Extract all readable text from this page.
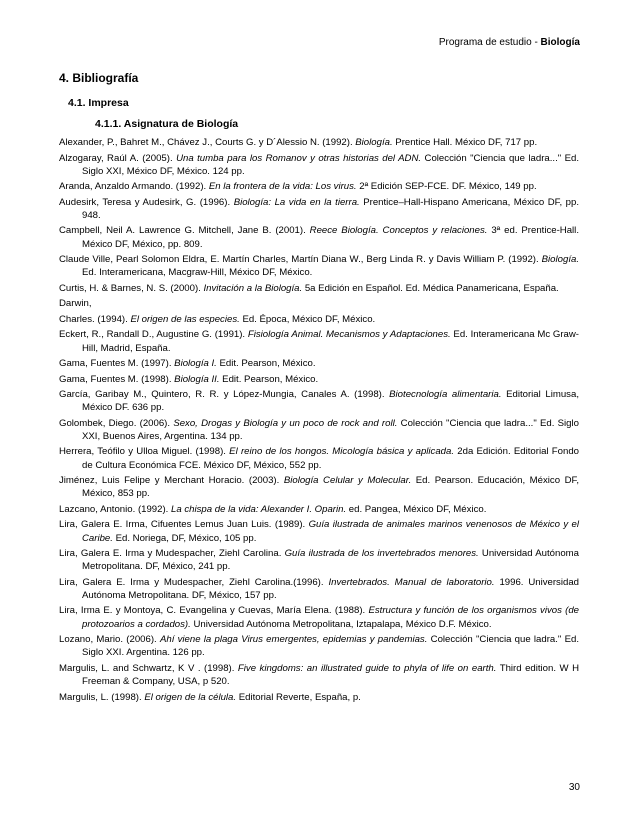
Programa de estudio - Biología
4. Bibliografía
4.1. Impresa
4.1.1. Asignatura de Biología

Alexander, P., Bahret M., Chávez J., Courts G. y D´Alessio N. (1992). Biología. Prentice Hall. México DF, 717 pp.

Alzogaray, Raúl A. (2005). Una tumba para los Romanov y otras historias del ADN. Colección "Ciencia que ladra..." Ed. Siglo XXI, México DF, México. 124 pp.

Aranda, Anzaldo Armando. (1992). En la frontera de la vida: Los virus. 2ª Edición SEP-FCE. DF. México, 149 pp.

Audesirk, Teresa y Audesirk, G. (1996). Biología: La vida en la tierra. Prentice–Hall-Hispano Americana, México DF, pp. 948.

Campbell, Neil A. Lawrence G. Mitchell, Jane B. (2001). Reece Biología. Conceptos y relaciones. 3ª ed. Prentice-Hall. México DF, México, pp. 809.

Claude Ville, Pearl Solomon Eldra, E. Martín Charles, Martín Diana W., Berg Linda R. y Davis William P. (1992). Biología. Ed. Interamericana, Macgraw-Hill, México DF, México.

Curtis, H. & Barnes, N. S. (2000). Invitación a la Biología. 5a Edición en Español. Ed. Médica Panamericana, España.

Darwin,

Charles. (1994). El origen de las especies. Ed. Época, México DF, México.

Eckert, R., Randall D., Augustine G. (1991). Fisiología Animal. Mecanismos y Adaptaciones. Ed. Interamericana Mc Graw-Hill, Madrid, España.

Gama, Fuentes M. (1997). Biología I. Edit. Pearson, México.

Gama, Fuentes M. (1998). Biología II. Edit. Pearson, México.

García, Garibay M., Quintero, R. R. y López-Mungia, Canales A. (1998). Biotecnología alimentaria. Editorial Limusa, México DF. 636 pp.

Golombek, Diego. (2006). Sexo, Drogas y Biología y un poco de rock and roll. Colección "Ciencia que ladra..." Ed. Siglo XXI, Buenos Aires, Argentina. 134 pp.

Herrera, Teófilo y Ulloa Miguel. (1998). El reino de los hongos. Micología básica y aplicada. 2da Edición. Editorial Fondo de Cultura Económica FCE. México DF, México, 552 pp.

Jiménez, Luis Felipe y Merchant Horacio. (2003). Biología Celular y Molecular. Ed. Pearson. Educación, México DF, México, 853 pp.

Lazcano, Antonio. (1992). La chispa de la vida: Alexander I. Oparin. ed. Pangea, México DF, México.

Lira, Galera E. Irma, Cifuentes Lemus Juan Luis. (1989). Guía ilustrada de animales marinos venenosos de México y el Caribe. Ed. Noriega, DF, México, 105 pp.

Lira, Galera E. Irma y Mudespacher, Ziehl Carolina. Guía ilustrada de los invertebrados menores. Universidad Autónoma Metropolitana. DF, México, 241 pp.

Lira, Galera E. Irma y Mudespacher, Ziehl Carolina.(1996). Invertebrados. Manual de laboratorio. 1996. Universidad Autónoma Metropolitana. DF, México, 157 pp.

Lira, Irma E. y Montoya, C. Evangelina y Cuevas, María Elena. (1988). Estructura y función de los organismos vivos (de protozoarios a cordados). Universidad Autónoma Metropolitana, Iztapalapa, México D.F. México.

Lozano, Mario. (2006). Ahí viene la plaga Virus emergentes, epidemias y pandemias. Colección "Ciencia que ladra." Ed. Siglo XXI. Argentina. 126 pp.

Margulis, L. and Schwartz, K V . (1998). Five kingdoms: an illustrated guide to phyla of life on earth. Third edition. W H Freeman & Company, USA, p 520.

Margulis, L. (1998). El origen de la célula. Editorial Reverte, España, p.

30
